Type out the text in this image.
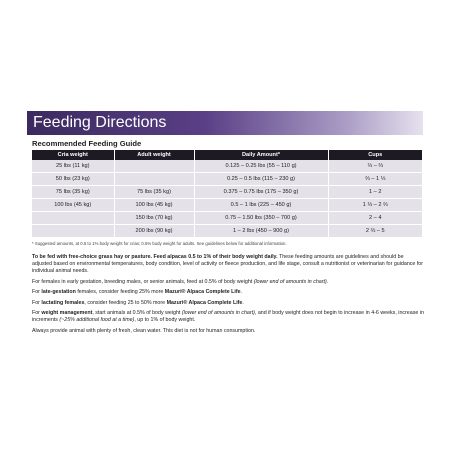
Feeding Directions
Recommended Feeding Guide
Cria weight	Adult weight	Daily Amount*	Cups
25 lbs (11 kg)		0.125 – 0.25 lbs (55 – 110 g)	⅓ – ⅔
50 lbs (23 kg)		0.25 – 0.5 lbs (115 – 230 g)	⅔ – 1 ⅓
75 lbs (35 kg)	75 lbs (35 kg)	0.375 – 0.75 lbs (175 – 350 g)	1 – 2
100 lbs (45 kg)	100 lbs (45 kg)	0.5 – 1 lbs (225 – 450 g)	1 ⅓ – 2 ⅔
	150 lbs (70 kg)	0.75 – 1.50 lbs (350 – 700 g)	2 – 4
	200 lbs (90 kg)	1 – 2 lbs (450 – 900 g)	2 ⅔ – 5
* Suggested amounts, at 0.5 to 1% body weight for crias; 0.5% body weight for adults. See guidelines below for additional information.

To be fed with free-choice grass hay or pasture. Feed alpacas 0.5 to 1% of their body weight daily. These feeding amounts are guidelines and should be adjusted based on environmental temperatures, body condition, level of activity or fleece production, and life stage, consult a nutritionist or veterinarian for guidance for individual animal needs.

For females in early gestation, breeding males, or senior animals, feed at 0.5% of body weight (lower end of amounts in chart).

For late-gestation females, consider feeding 25% more Mazuri® Alpaca Complete Life.

For lactating females, consider feeding 25 to 50% more Mazuri® Alpaca Complete Life.

For weight management, start animals at 0.5% of body weight (lower end of amounts in chart), and if body weight does not begin to increase in 4-6 weeks, increase in increments (~25% additional food at a time), up to 1% of body weight.

Always provide animal with plenty of fresh, clean water. This diet is not for human consumption.
